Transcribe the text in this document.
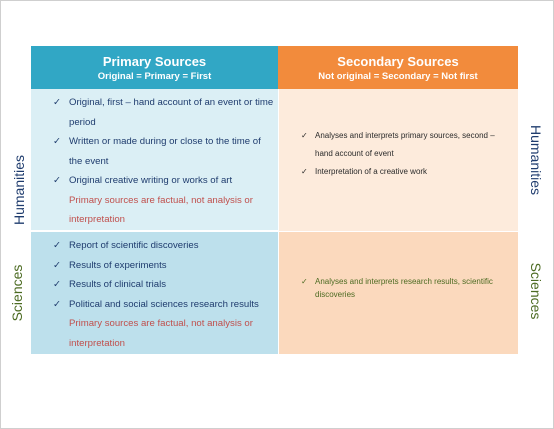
Primary Sources
Original = Primary = First
Secondary Sources
Not original = Secondary = Not first
✓ Original, first – hand account of an event or time period
✓ Written or made during or close to the time of the event
✓ Original creative writing or works of art
Primary sources are factual, not analysis or interpretation
✓ Report of scientific discoveries
✓ Results of experiments
✓ Results of clinical trials
✓ Political and social sciences research results
Primary sources are factual, not analysis or interpretation
✓ Analyses and interprets primary sources, second – hand account of event
✓ Interpretation of a creative work
✓ Analyses and interprets research results, scientific discoveries
Humanities
Sciences
Humanities
Sciences
